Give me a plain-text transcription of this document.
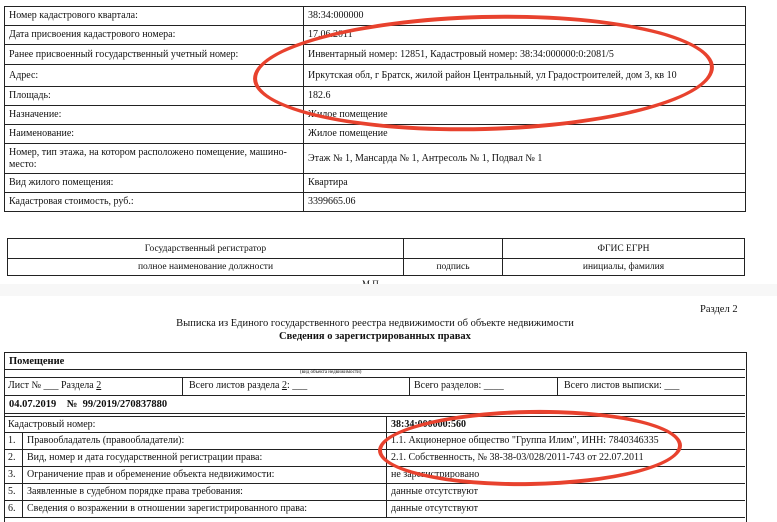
Номер кадастрового квартала:	38:34:000000
Дата присвоения кадастрового номера:	17.06.2011
Ранее присвоенный государственный учетный номер:	Инвентарный номер: 12851, Кадастровый номер: 38:34:000000:0:2081/5
Адрес:	Иркутская обл, г Братск, жилой район Центральный, ул Градостроителей, дом 3, кв 10
Площадь:	182.6
Назначение:	Жилое помещение
Наименование:	Жилое помещение
Номер, тип этажа, на котором расположено помещение, машино-место:	Этаж № 1, Мансарда № 1, Антресоль № 1, Подвал № 1
Вид жилого помещения:	Квартира
Кадастровая стоимость, руб.:	3399665.06
Государственный регистратор		ФГИС ЕГРН
полное наименование должности	подпись	инициалы, фамилия
Раздел 2
Выписка из Единого государственного реестра недвижимости об объекте недвижимости
Сведения о зарегистрированных правах
Помещение
(вид объекта недвижимости)
Лист № ___ Раздела 2	Всего листов раздела 2: ___	Всего разделов: ____	Всего листов выписки: ___
04.07.2019 № 99/2019/270837880
Кадастровый номер:		38:34:000000:560
1.	Правообладатель (правообладатели):	1.1. Акционерное общество "Группа Илим", ИНН: 7840346335
2.	Вид, номер и дата государственной регистрации права:	2.1. Собственность, № 38-38-03/028/2011-743 от 22.07.2011
3.	Ограничение прав и обременение объекта недвижимости:	не зарегистрировано
5.	Заявленные в судебном порядке права требования:	данные отсутствуют
6.	Сведения о возражении в отношении зарегистрированного права:	данные отсутствуют
